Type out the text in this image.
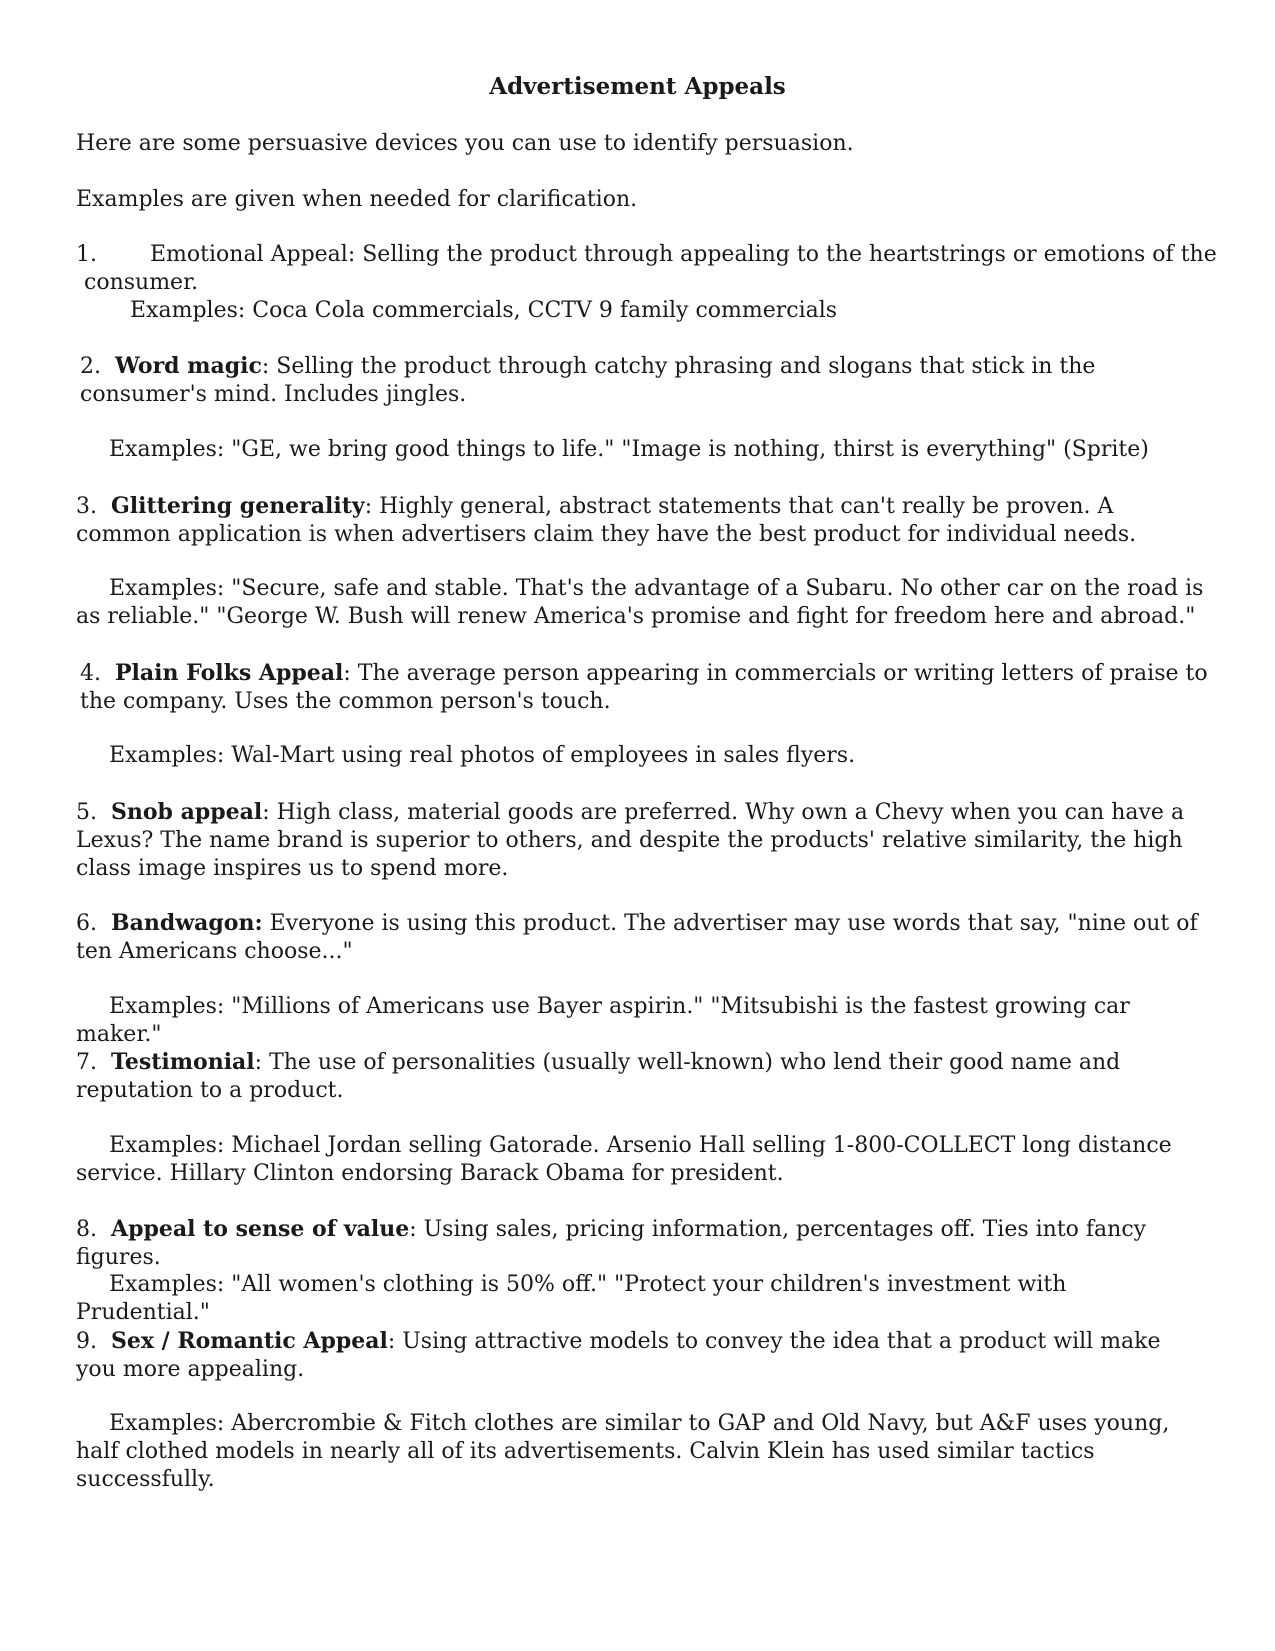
Advertisement Appeals
Here are some persuasive devices you can use to identify persuasion.
Examples are given when needed for clarification.
1. Emotional Appeal: Selling the product through appealing to the heartstrings or emotions of the
consumer.
Examples: Coca Cola commercials, CCTV 9 family commercials
2. Word magic: Selling the product through catchy phrasing and slogans that stick in the consumer's mind. Includes jingles.
Examples: "GE, we bring good things to life." "Image is nothing, thirst is everything" (Sprite)
3. Glittering generality: Highly general, abstract statements that can't really be proven. A common application is when advertisers claim they have the best product for individual needs.
Examples: "Secure, safe and stable. That's the advantage of a Subaru. No other car on the road is as reliable." "George W. Bush will renew America's promise and fight for freedom here and abroad."
4. Plain Folks Appeal: The average person appearing in commercials or writing letters of praise to the company. Uses the common person's touch.
Examples: Wal-Mart using real photos of employees in sales flyers.
5. Snob appeal: High class, material goods are preferred. Why own a Chevy when you can have a Lexus? The name brand is superior to others, and despite the products' relative similarity, the high class image inspires us to spend more.
6. Bandwagon: Everyone is using this product. The advertiser may use words that say, "nine out of ten Americans choose..."
Examples: "Millions of Americans use Bayer aspirin." "Mitsubishi is the fastest growing car maker."
7. Testimonial: The use of personalities (usually well-known) who lend their good name and reputation to a product.
Examples: Michael Jordan selling Gatorade. Arsenio Hall selling 1-800-COLLECT long distance service. Hillary Clinton endorsing Barack Obama for president.
8. Appeal to sense of value: Using sales, pricing information, percentages off. Ties into fancy figures.
Examples: "All women's clothing is 50% off." "Protect your children's investment with Prudential."
9. Sex / Romantic Appeal: Using attractive models to convey the idea that a product will make you more appealing.
Examples: Abercrombie & Fitch clothes are similar to GAP and Old Navy, but A&F uses young, half clothed models in nearly all of its advertisements. Calvin Klein has used similar tactics successfully.
